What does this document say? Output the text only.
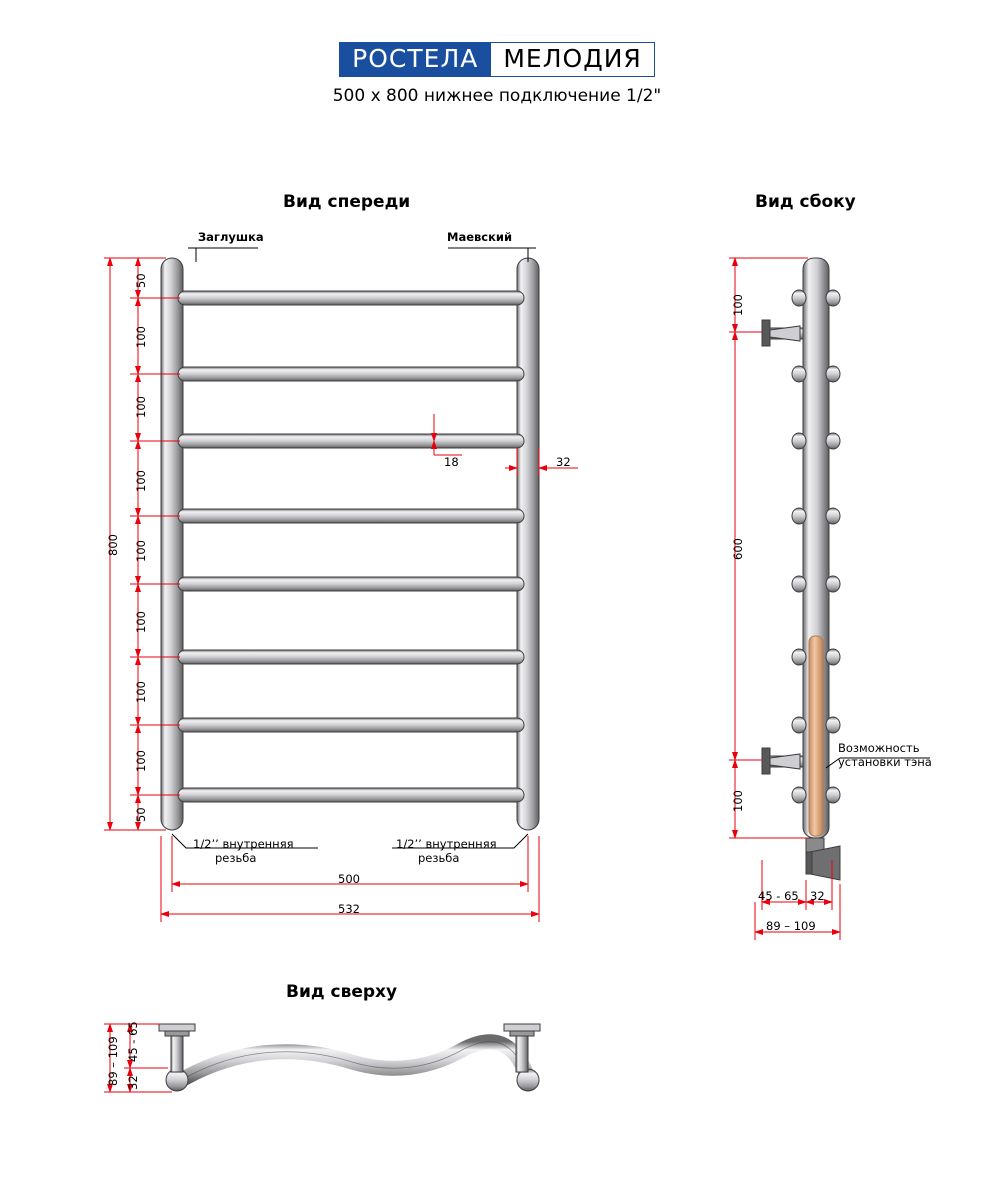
РОСТЕЛА МЕЛОДИЯ
500 x 800 нижнее подключение 1/2"
Вид спереди	Вид сбоку
Вид сверху
Заглушка	Маевский
1/2’’ внутренняя
резьба
1/2’’ внутренняя
резьба
800
50
100
100
100
100
100
100
100
50
18	32
500
532
Возможность
установки тэна
100
600
100
45 - 65 32
89 – 109
89 – 109 32
45 - 65
